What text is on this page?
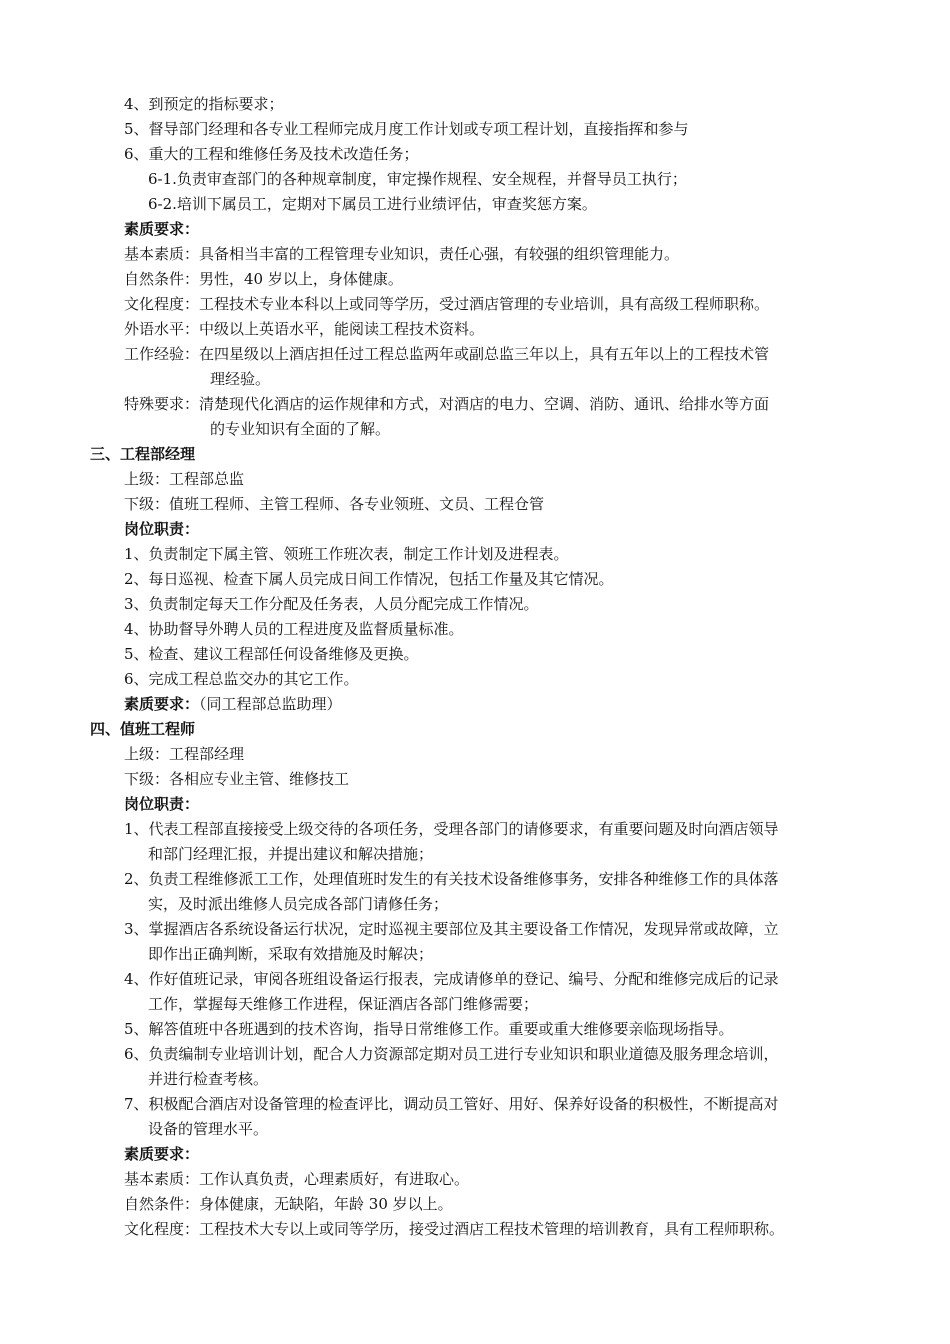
4、到预定的指标要求；
5、督导部门经理和各专业工程师完成月度工作计划或专项工程计划，直接指挥和参与
6、重大的工程和维修任务及技术改造任务；
6-1.负责审查部门的各种规章制度，审定操作规程、安全规程，并督导员工执行；
6-2.培训下属员工，定期对下属员工进行业绩评估，审查奖惩方案。
素质要求：
基本素质：具备相当丰富的工程管理专业知识，责任心强，有较强的组织管理能力。
自然条件：男性，40 岁以上，身体健康。
文化程度：工程技术专业本科以上或同等学历，受过酒店管理的专业培训，具有高级工程师职称。
外语水平：中级以上英语水平，能阅读工程技术资料。
工作经验：在四星级以上酒店担任过工程总监两年或副总监三年以上，具有五年以上的工程技术管
理经验。
特殊要求：清楚现代化酒店的运作规律和方式，对酒店的电力、空调、消防、通讯、给排水等方面
的专业知识有全面的了解。
三、工程部经理
上级：工程部总监
下级：值班工程师、主管工程师、各专业领班、文员、工程仓管
岗位职责：
1、负责制定下属主管、领班工作班次表，制定工作计划及进程表。
2、每日巡视、检查下属人员完成日间工作情况，包括工作量及其它情况。
3、负责制定每天工作分配及任务表，人员分配完成工作情况。
4、协助督导外聘人员的工程进度及监督质量标准。
5、检查、建议工程部任何设备维修及更换。
6、完成工程总监交办的其它工作。
素质要求：（同工程部总监助理）
四、值班工程师
上级：工程部经理
下级：各相应专业主管、维修技工
岗位职责：
1、代表工程部直接接受上级交待的各项任务，受理各部门的请修要求，有重要问题及时向酒店领导
和部门经理汇报，并提出建议和解决措施；
2、负责工程维修派工工作，处理值班时发生的有关技术设备维修事务，安排各种维修工作的具体落
实，及时派出维修人员完成各部门请修任务；
3、掌握酒店各系统设备运行状况，定时巡视主要部位及其主要设备工作情况，发现异常或故障，立
即作出正确判断，采取有效措施及时解决；
4、作好值班记录，审阅各班组设备运行报表，完成请修单的登记、编号、分配和维修完成后的记录
工作，掌握每天维修工作进程，保证酒店各部门维修需要；
5、解答值班中各班遇到的技术咨询，指导日常维修工作。重要或重大维修要亲临现场指导。
6、负责编制专业培训计划，配合人力资源部定期对员工进行专业知识和职业道德及服务理念培训，
并进行检查考核。
7、积极配合酒店对设备管理的检查评比，调动员工管好、用好、保养好设备的积极性，不断提高对
设备的管理水平。
素质要求：
基本素质：工作认真负责，心理素质好，有进取心。
自然条件：身体健康，无缺陷，年龄 30 岁以上。
文化程度：工程技术大专以上或同等学历，接受过酒店工程技术管理的培训教育，具有工程师职称。
